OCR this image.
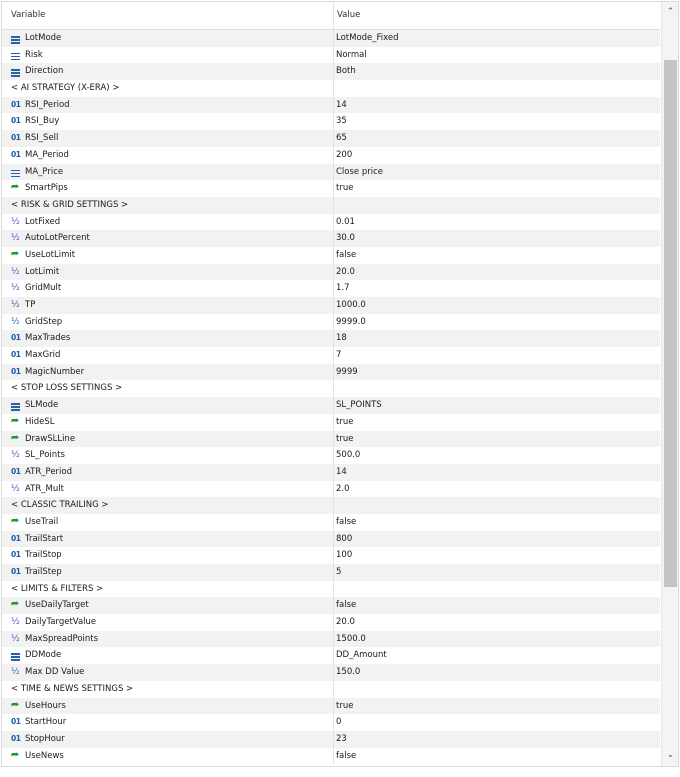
Variable	Value
LotMode	LotMode_Fixed
Risk	Normal
Direction	Both
< AI STRATEGY (X-ERA) >
01 RSI_Period	14
01 RSI_Buy	35
01 RSI_Sell	65
01 MA_Period	200
MA_Price	Close price
⮫ SmartPips	true
< RISK & GRID SETTINGS >
½ LotFixed	0.01
½ AutoLotPercent	30.0
⮫ UseLotLimit	false
½ LotLimit	20.0
½ GridMult	1.7
½ TP	1000.0
½ GridStep	9999.0
01 MaxTrades	18
01 MaxGrid	7
01 MagicNumber	9999
< STOP LOSS SETTINGS >
SLMode	SL_POINTS
⮫ HideSL	true
⮫ DrawSLLine	true
½ SL_Points	500.0
01 ATR_Period	14
½ ATR_Mult	2.0
< CLASSIC TRAILING >
⮫ UseTrail	false
01 TrailStart	800
01 TrailStop	100
01 TrailStep	5
< LIMITS & FILTERS >
⮫ UseDailyTarget	false
½ DailyTargetValue	20.0
½ MaxSpreadPoints	1500.0
DDMode	DD_Amount
½ Max DD Value	150.0
< TIME & NEWS SETTINGS >
⮫ UseHours	true
01 StartHour	0
01 StopHour	23
⮫ UseNews	false
⌃
⌄
